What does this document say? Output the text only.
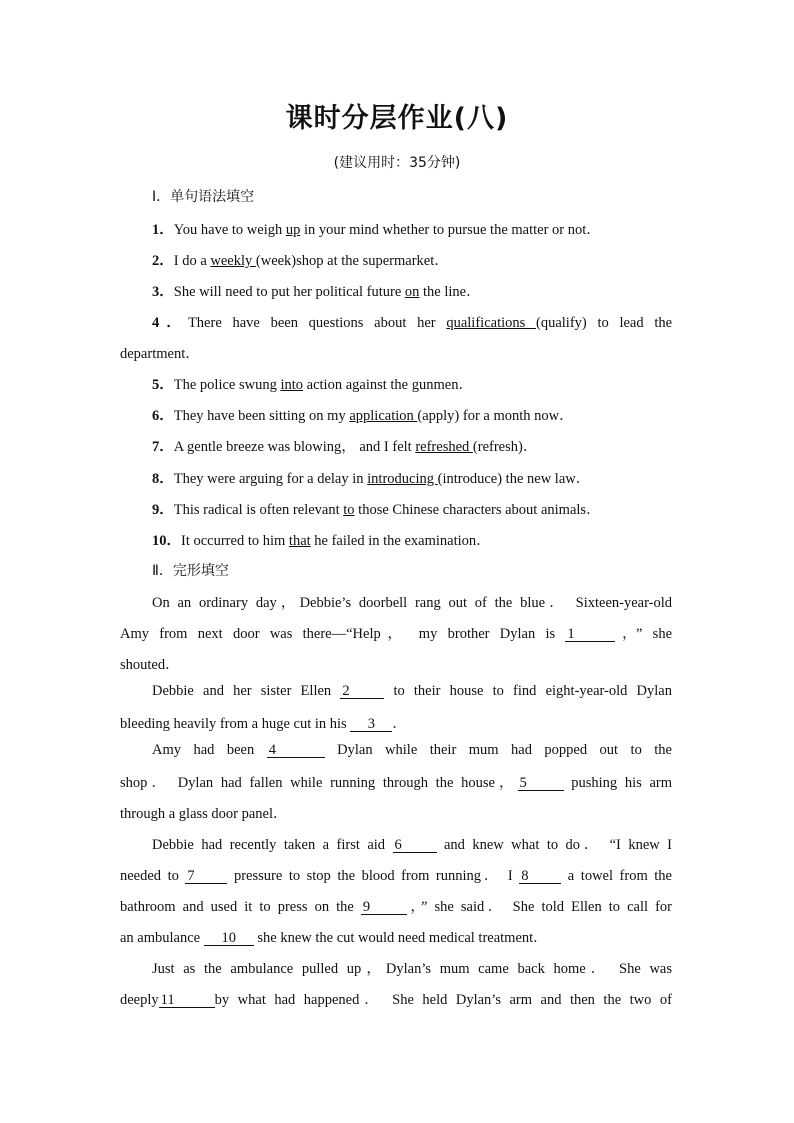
课时分层作业(八)
(建议用时：35分钟)
Ⅰ．单句语法填空
1．You have to weigh up in your mind whether to pursue the matter or not．
2．I do a weekly (week)shop at the supermarket．
3．She will need to put her political future on the line．
4．There have been questions about her qualifications (qualify) to lead the
department．
5．The police swung into action against the gunmen．
6．They have been sitting on my application (apply) for a month now．
7．A gentle breeze was blowing， and I felt refreshed (refresh)．
8．They were arguing for a delay in introducing (introduce) the new law．
9．This radical is often relevant to those Chinese characters about animals．
10．It occurred to him that he failed in the examination．
Ⅱ．完形填空
On an ordinary day，Debbie’s doorbell rang out of the blue． Sixteen-year-old
Amy from next door was there—“Help， my brother Dylan is 1	，” she
shouted．
Debbie and her sister Ellen 2 to their house to find eight-year-old Dylan
bleeding heavily from a huge cut in his 3 ．
Amy had been 4	Dylan while their mum had popped out to the
shop． Dylan had fallen while running through the house， 5	pushing his arm
through a glass door panel．
Debbie had recently taken a first aid 6 and knew what to do． “I knew I
needed to 7 pressure to stop the blood from running． I 8 a towel from the
bathroom and used it to press on the 9	，” she said． She told Ellen to call for
an ambulance 10 she knew the cut would need medical treatment．
Just as the ambulance pulled up，Dylan’s mum came back home． She was
deeply 11	by what had happened． She held Dylan’s arm and then the two of
